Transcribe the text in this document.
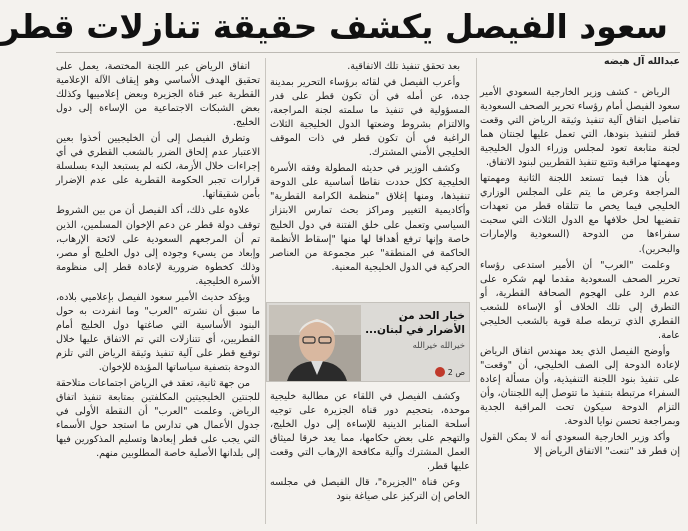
سعود الفيصل يكشف حقيقة تنازلات قطر
عبدالله آل هيضه

الرياض - كشف وزير الخارجية السعودي الأمير سعود الفيصل أمام رؤساء تحرير الصحف السعودية تفاصيل اتفاق آلية تنفيذ وثيقة الرياض التي وقعت قطر لتنفيذ بنودها، التي تعمل عليها لجنتان هما لجنة متابعة تعود لمجلس وزراء الدول الخليجية ومهمتها مراقبة وتتبع تنفيذ القطريين لبنود الاتفاق.

بأن هذا فيما تستعد اللجنة الثانية ومهمتها المراجعة وعرض ما يتم على المجلس الوزاري الخليجي فيما يخص ما تتلقاه قطر من تعهدات تقضيها لحل خلافها مع الدول الثلاث التي سحبت سفراءها من الدوحة (السعودية والإمارات والبحرين).

وعلمت "العرب" أن الأمير استدعى رؤساء تحرير الصحف السعودية مقدما لهم شكره على عدم الرد على الهجوم الصحافة القطرية، أو التطرق إلى تلك الخلاف أو الإساءة للشعب القطري الذي تربطه صلة قوية بالشعب الخليجي عامة.

وأوضح الفيصل الذي يعد مهندس اتفاق الرياض لإعادة الدوحة إلى الصف الخليجي، أن "وقعت" على تنفيذ بنود اللجنة التنفيذية، وأن مسألة إعادة السفراء مرتبطة بتنفيذ ما تتوصل إليه اللجنتان، وأن التزام الدوحة سيكون تحت المراقبة الجدية وبمراجعة تحسن نوايا الدوحة.

وأكد وزير الخارجية السعودي أنه لا يمكن القول إن قطر قد "تنعت" الاتفاق الرياض إلا

بعد تحقق تنفيذ تلك الاتفاقية.

وأعرب الفيصل في لقائه برؤساء التحرير بمدينة جدة، عن أمله في أن تكون قطر على قدر المسؤولية في تنفيذ ما سلمته لجنة المراجعة، والالتزام بشروط وضعتها الدول الخليجية الثلاث الراغبة في أن تكون قطر في ذات الموقف الخليجي الأمني المشترك.

وكشف الوزير في حديثه المطولة وفقه الأسرة الخليجية ككل حددت نقاطا أساسية على الدوحة تنفيذها، ومنها إغلاق "منظمة الكرامة القطرية" وأكاديمية التغيير ومراكز بحث تمارس الابتزاز السياسي وتعمل على خلق الفتنة في دول الخليج خاصة وإنها ترفع أهدافا لها منها "إسقاط الأنظمة الحاكمة في المنطقة" عبر مجموعة من العناصر الحركية في الدول الخليجية المعنية.

وكشف الفيصل في اللقاء عن مطالبة خليجية موحدة، بتحجيم دور قناة الجزيرة على توجيه أسلحة المنابر الدينية للإساءة إلى دول الخليج، والتهجم على بعض حكامها، مما يعد خرقا لميثاق العمل المشترك وآلية مكافحة الإرهاب التي وقعت عليها قطر.

وعن قناة "الجزيرة"، قال الفيصل في مجلسه الخاص إن التركيز على صياغة بنود

خيار الحد من الأضرار في لبنان...
خيرالله خيرالله
ص 2

اتفاق الرياض عبر اللجنة المختصة، يعمل على تحقيق الهدف الأساسي وهو إيقاف الآلة الإعلامية القطرية عبر قناة الجزيرة وبعض إعلامييها وكذلك بعض الشبكات الاجتماعية من الإساءة إلى دول الخليج.

وتطرق الفيصل إلى أن الخليجيين أخذوا بعين الاعتبار عدم إلحاق الضرر بالشعب القطري في أي إجراءات خلال الأزمة، لكنه لم يستبعد البدء بسلسلة قرارات تجبر الحكومة القطرية على عدم الإضرار بأمن شقيقاتها.

علاوة على ذلك، أكد الفيصل أن من بين الشروط توقف دولة قطر عن دعم الإخوان المسلمين، الذين تم أن المرجعهم السعودية على لائحة الإرهاب، وإبعاد من يسيء وجوده إلى دول الخليج أو مصر، وذلك كخطوة ضرورية لإعادة قطر إلى منظومة الأسرة الخليجية.

ويؤكد حديث الأمير سعود الفيصل بإعلاميي بلاده، ما سبق أن نشرته "العرب" وما انفردت به حول البنود الأساسية التي صاغتها دول الخليج أمام القطريين، أي تتنازلات التي تم الاتفاق عليها خلال توقيع قطر على آلية تنفيذ وثيقة الرياض التي تلزم الدوحة بتصفية سياساتها المؤيدة للإخوان.

من جهة ثانية، تعقد في الرياض اجتماعات متلاحقة للجنتين الخليجيتين المكلفتين بمتابعة تنفيذ اتفاق الرياض. وعلمت "العرب" أن النقطة الأولى في جدول الأعمال هي تدارس ما استجد حول الأسماء التي يجب على قطر إبعادها وتسليم المذكورين فيها إلى بلدانها الأصلية خاصة المطلوبين منهم.
